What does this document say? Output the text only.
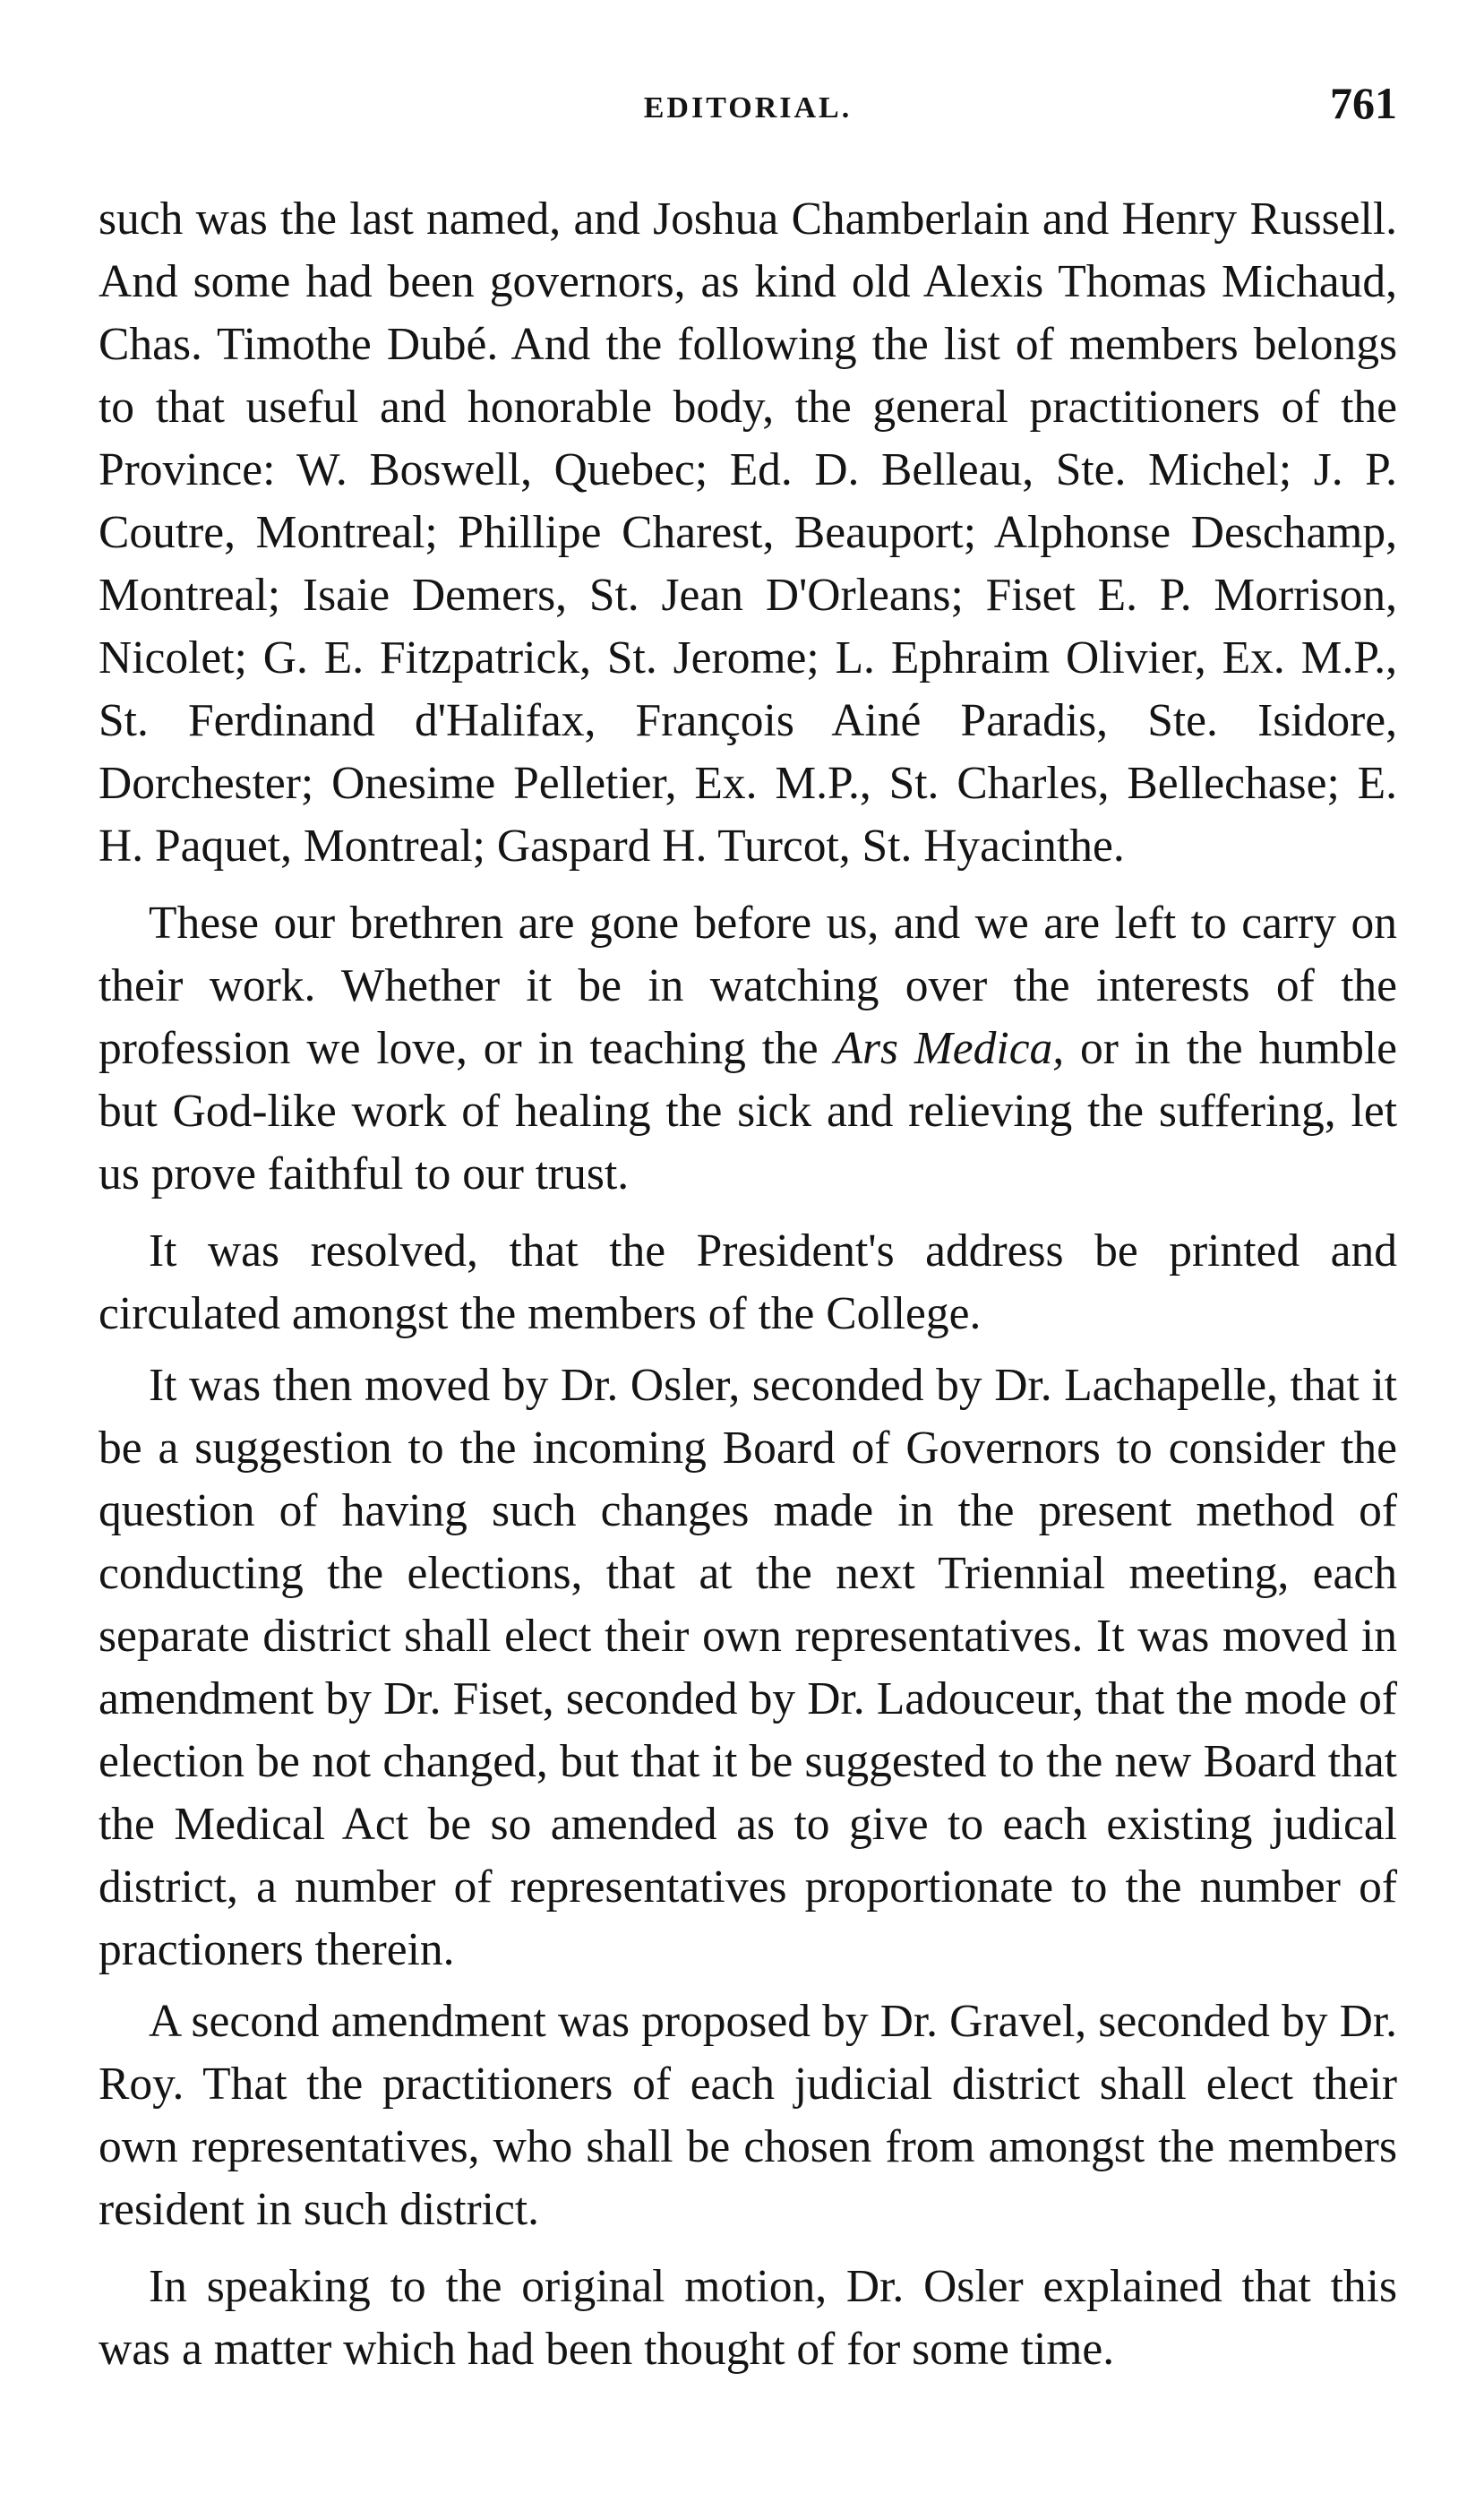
EDITORIAL.	761

such was the last named, and Joshua Chamberlain and Henry Russell. And some had been governors, as kind old Alexis Thomas Michaud, Chas. Timothe Dubé. And the following the list of members belongs to that useful and honorable body, the general practitioners of the Province: W. Boswell, Quebec; Ed. D. Belleau, Ste. Michel; J. P. Coutre, Montreal; Phillipe Charest, Beauport; Alphonse Deschamp, Montreal; Isaie Demers, St. Jean D'Orleans; Fiset E. P. Morrison, Nicolet; G. E. Fitzpatrick, St. Jerome; L. Ephraim Olivier, Ex. M.P., St. Ferdinand d'Halifax, François Ainé Paradis, Ste. Isidore, Dorchester; Onesime Pelletier, Ex. M.P., St. Charles, Bellechase; E. H. Paquet, Montreal; Gaspard H. Turcot, St. Hyacinthe.

These our brethren are gone before us, and we are left to carry on their work. Whether it be in watching over the interests of the profession we love, or in teaching the Ars Medica, or in the humble but God-like work of healing the sick and relieving the suffering, let us prove faithful to our trust.

It was resolved, that the President's address be printed and circulated amongst the members of the College.

It was then moved by Dr. Osler, seconded by Dr. Lachapelle, that it be a suggestion to the incoming Board of Governors to consider the question of having such changes made in the present method of conducting the elections, that at the next Triennial meeting, each separate district shall elect their own representatives. It was moved in amendment by Dr. Fiset, seconded by Dr. Ladouceur, that the mode of election be not changed, but that it be suggested to the new Board that the Medical Act be so amended as to give to each existing judical district, a number of representatives proportionate to the number of practioners therein.

A second amendment was proposed by Dr. Gravel, seconded by Dr. Roy. That the practitioners of each judicial district shall elect their own representatives, who shall be chosen from amongst the members resident in such district.

In speaking to the original motion, Dr. Osler explained that this was a matter which had been thought of for some time.
